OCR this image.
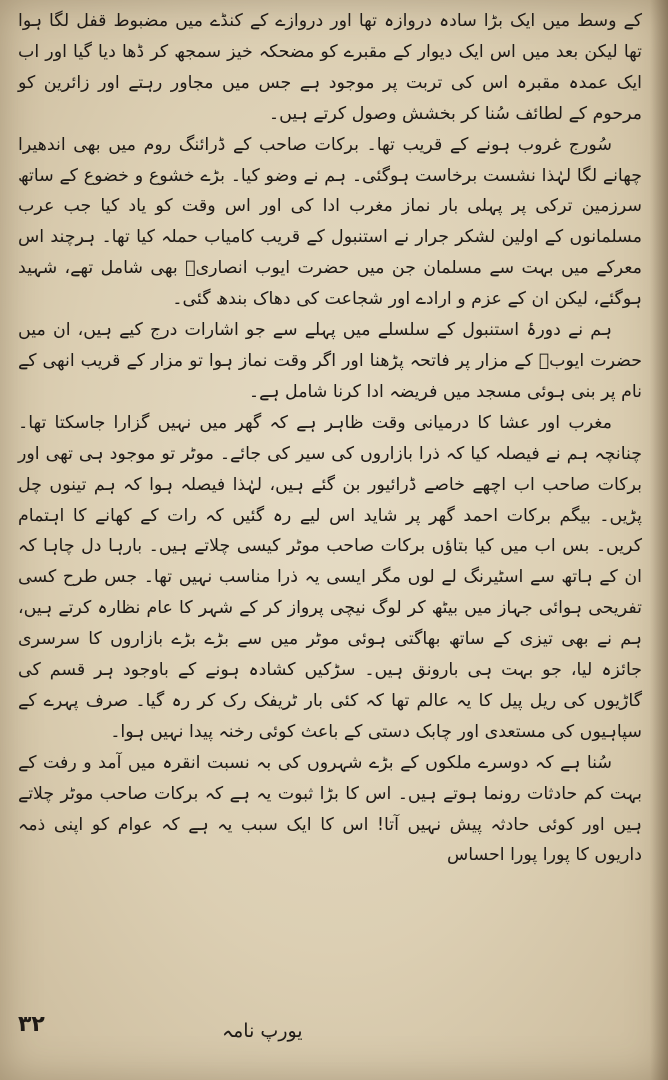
کے وسط میں ایک بڑا سادہ دروازہ تھا اور دروازے کے کنڈے میں مضبوط قفل لگا ہوا تھا لیکن بعد میں اس ایک دیوار کے مقبرے کو مضحکہ خیز سمجھ کر ڈھا دیا گیا اور اب ایک عمدہ مقبرہ اس کی تربت پر موجود ہے جس میں مجاور رہتے اور زائرین کو مرحوم کے لطائف سُنا کر بخشش وصول کرتے ہیں۔

سُورج غروب ہونے کے قریب تھا۔ برکات صاحب کے ڈرائنگ روم میں بھی اندھیرا چھانے لگا لہٰذا نشست برخاست ہوگئی۔ ہم نے وضو کیا۔ بڑے خشوع و خضوع کے ساتھ سرزمین ترکی پر پہلی بار نماز مغرب ادا کی اور اس وقت کو یاد کیا جب عرب مسلمانوں کے اولین لشکر جرار نے استنبول کے قریب کامیاب حملہ کیا تھا۔ ہرچند اس معرکے میں بہت سے مسلمان جن میں حضرت ایوب انصاریؓ بھی شامل تھے، شہید ہوگئے، لیکن ان کے عزم و ارادے اور شجاعت کی دھاک بندھ گئی۔

ہم نے دورۂ استنبول کے سلسلے میں پہلے سے جو اشارات درج کیے ہیں، ان میں حضرت ایوبؓ کے مزار پر فاتحہ پڑھنا اور اگر وقت نماز ہوا تو مزار کے قریب انھی کے نام پر بنی ہوئی مسجد میں فریضہ ادا کرنا شامل ہے۔

مغرب اور عشا کا درمیانی وقت ظاہر ہے کہ گھر میں نہیں گزارا جاسکتا تھا۔ چنانچہ ہم نے فیصلہ کیا کہ ذرا بازاروں کی سیر کی جائے۔ موٹر تو موجود ہی تھی اور برکات صاحب اب اچھے خاصے ڈرائیور بن گئے ہیں، لہٰذا فیصلہ ہوا کہ ہم تینوں چل پڑیں۔ بیگم برکات احمد گھر پر شاید اس لیے رہ گئیں کہ رات کے کھانے کا اہتمام کریں۔ بس اب میں کیا بتاؤں برکات صاحب موٹر کیسی چلاتے ہیں۔ بارہا دل چاہا کہ ان کے ہاتھ سے اسٹیرنگ لے لوں مگر ایسی یہ ذرا مناسب نہیں تھا۔ جس طرح کسی تفریحی ہوائی جہاز میں بیٹھ کر لوگ نیچی پرواز کر کے شہر کا عام نظارہ کرتے ہیں، ہم نے بھی تیزی کے ساتھ بھاگتی ہوئی موٹر میں سے بڑے بڑے بازاروں کا سرسری جائزہ لیا، جو بہت ہی بارونق ہیں۔ سڑکیں کشادہ ہونے کے باوجود ہر قسم کی گاڑیوں کی ریل پیل کا یہ عالم تھا کہ کئی بار ٹریفک رک کر رہ گیا۔ صرف پہرے کے سپاہیوں کی مستعدی اور چابک دستی کے باعث کوئی رخنہ پیدا نہیں ہوا۔

سُنا ہے کہ دوسرے ملکوں کے بڑے شہروں کی بہ نسبت انقرہ میں آمد و رفت کے بہت کم حادثات رونما ہوتے ہیں۔ اس کا بڑا ثبوت یہ ہے کہ برکات صاحب موٹر چلاتے ہیں اور کوئی حادثہ پیش نہیں آتا! اس کا ایک سبب یہ ہے کہ عوام کو اپنی ذمہ داریوں کا پورا پورا احساس

یورپ نامہ
۳۲
